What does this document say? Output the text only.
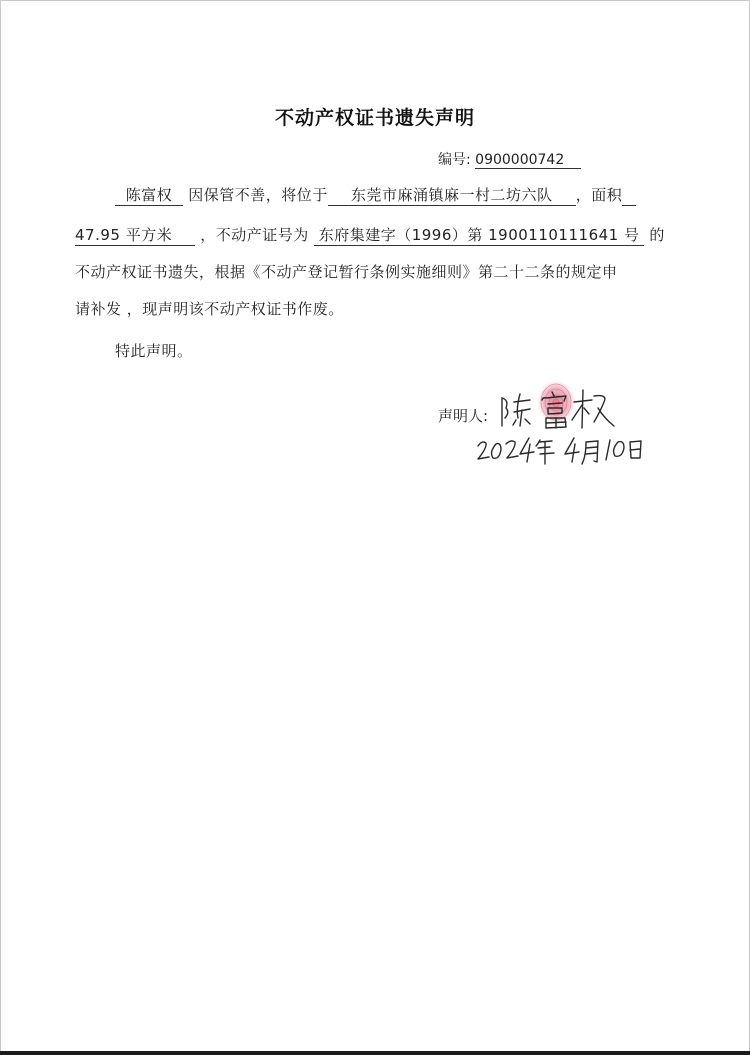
不动产权证书遗失声明
编号: 0900000742
陈富权 因保管不善，将位于 东莞市麻涌镇麻一村二坊六队 ，面积
47.95 平方米 ，不动产证号为 东府集建字（1996）第 1900110111641 号 的
不动产权证书遗失，根据《不动产登记暂行条例实施细则》第二十二条的规定申
请补发 ，现声明该不动产权证书作废。
特此声明。
声明人:
